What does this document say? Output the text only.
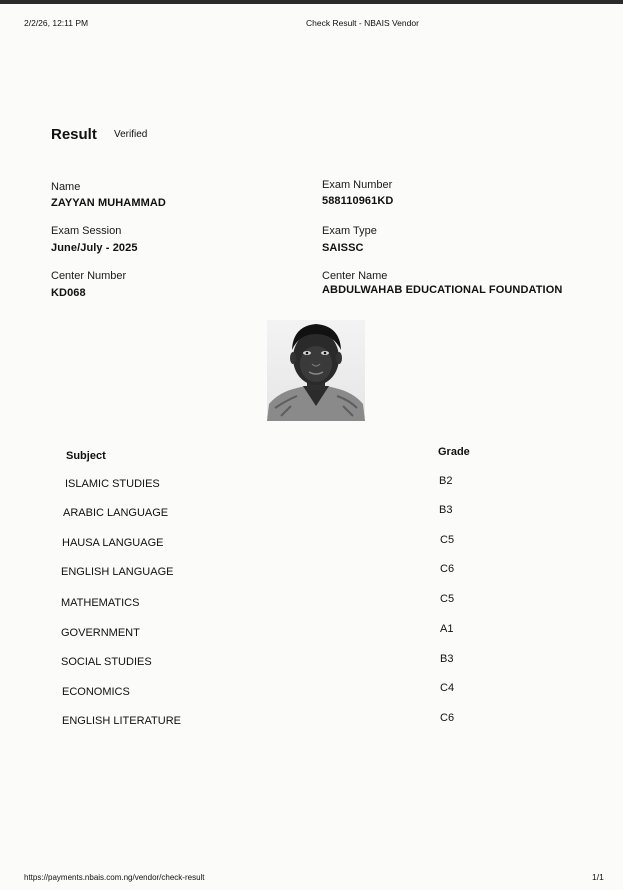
2/2/26, 12:11 PM	Check Result - NBAIS Vendor
Result Verified
Name
ZAYYAN MUHAMMAD
Exam Session
June/July - 2025
Center Number
KD068
Exam Number
588110961KD
Exam Type
SAISSC
Center Name
ABDULWAHAB EDUCATIONAL FOUNDATION
Subject	Grade
ISLAMIC STUDIES	B2
ARABIC LANGUAGE	B3
HAUSA LANGUAGE	C5
ENGLISH LANGUAGE	C6
MATHEMATICS	C5
GOVERNMENT	A1
SOCIAL STUDIES	B3
ECONOMICS	C4
ENGLISH LITERATURE	C6
https://payments.nbais.com.ng/vendor/check-result	1/1
